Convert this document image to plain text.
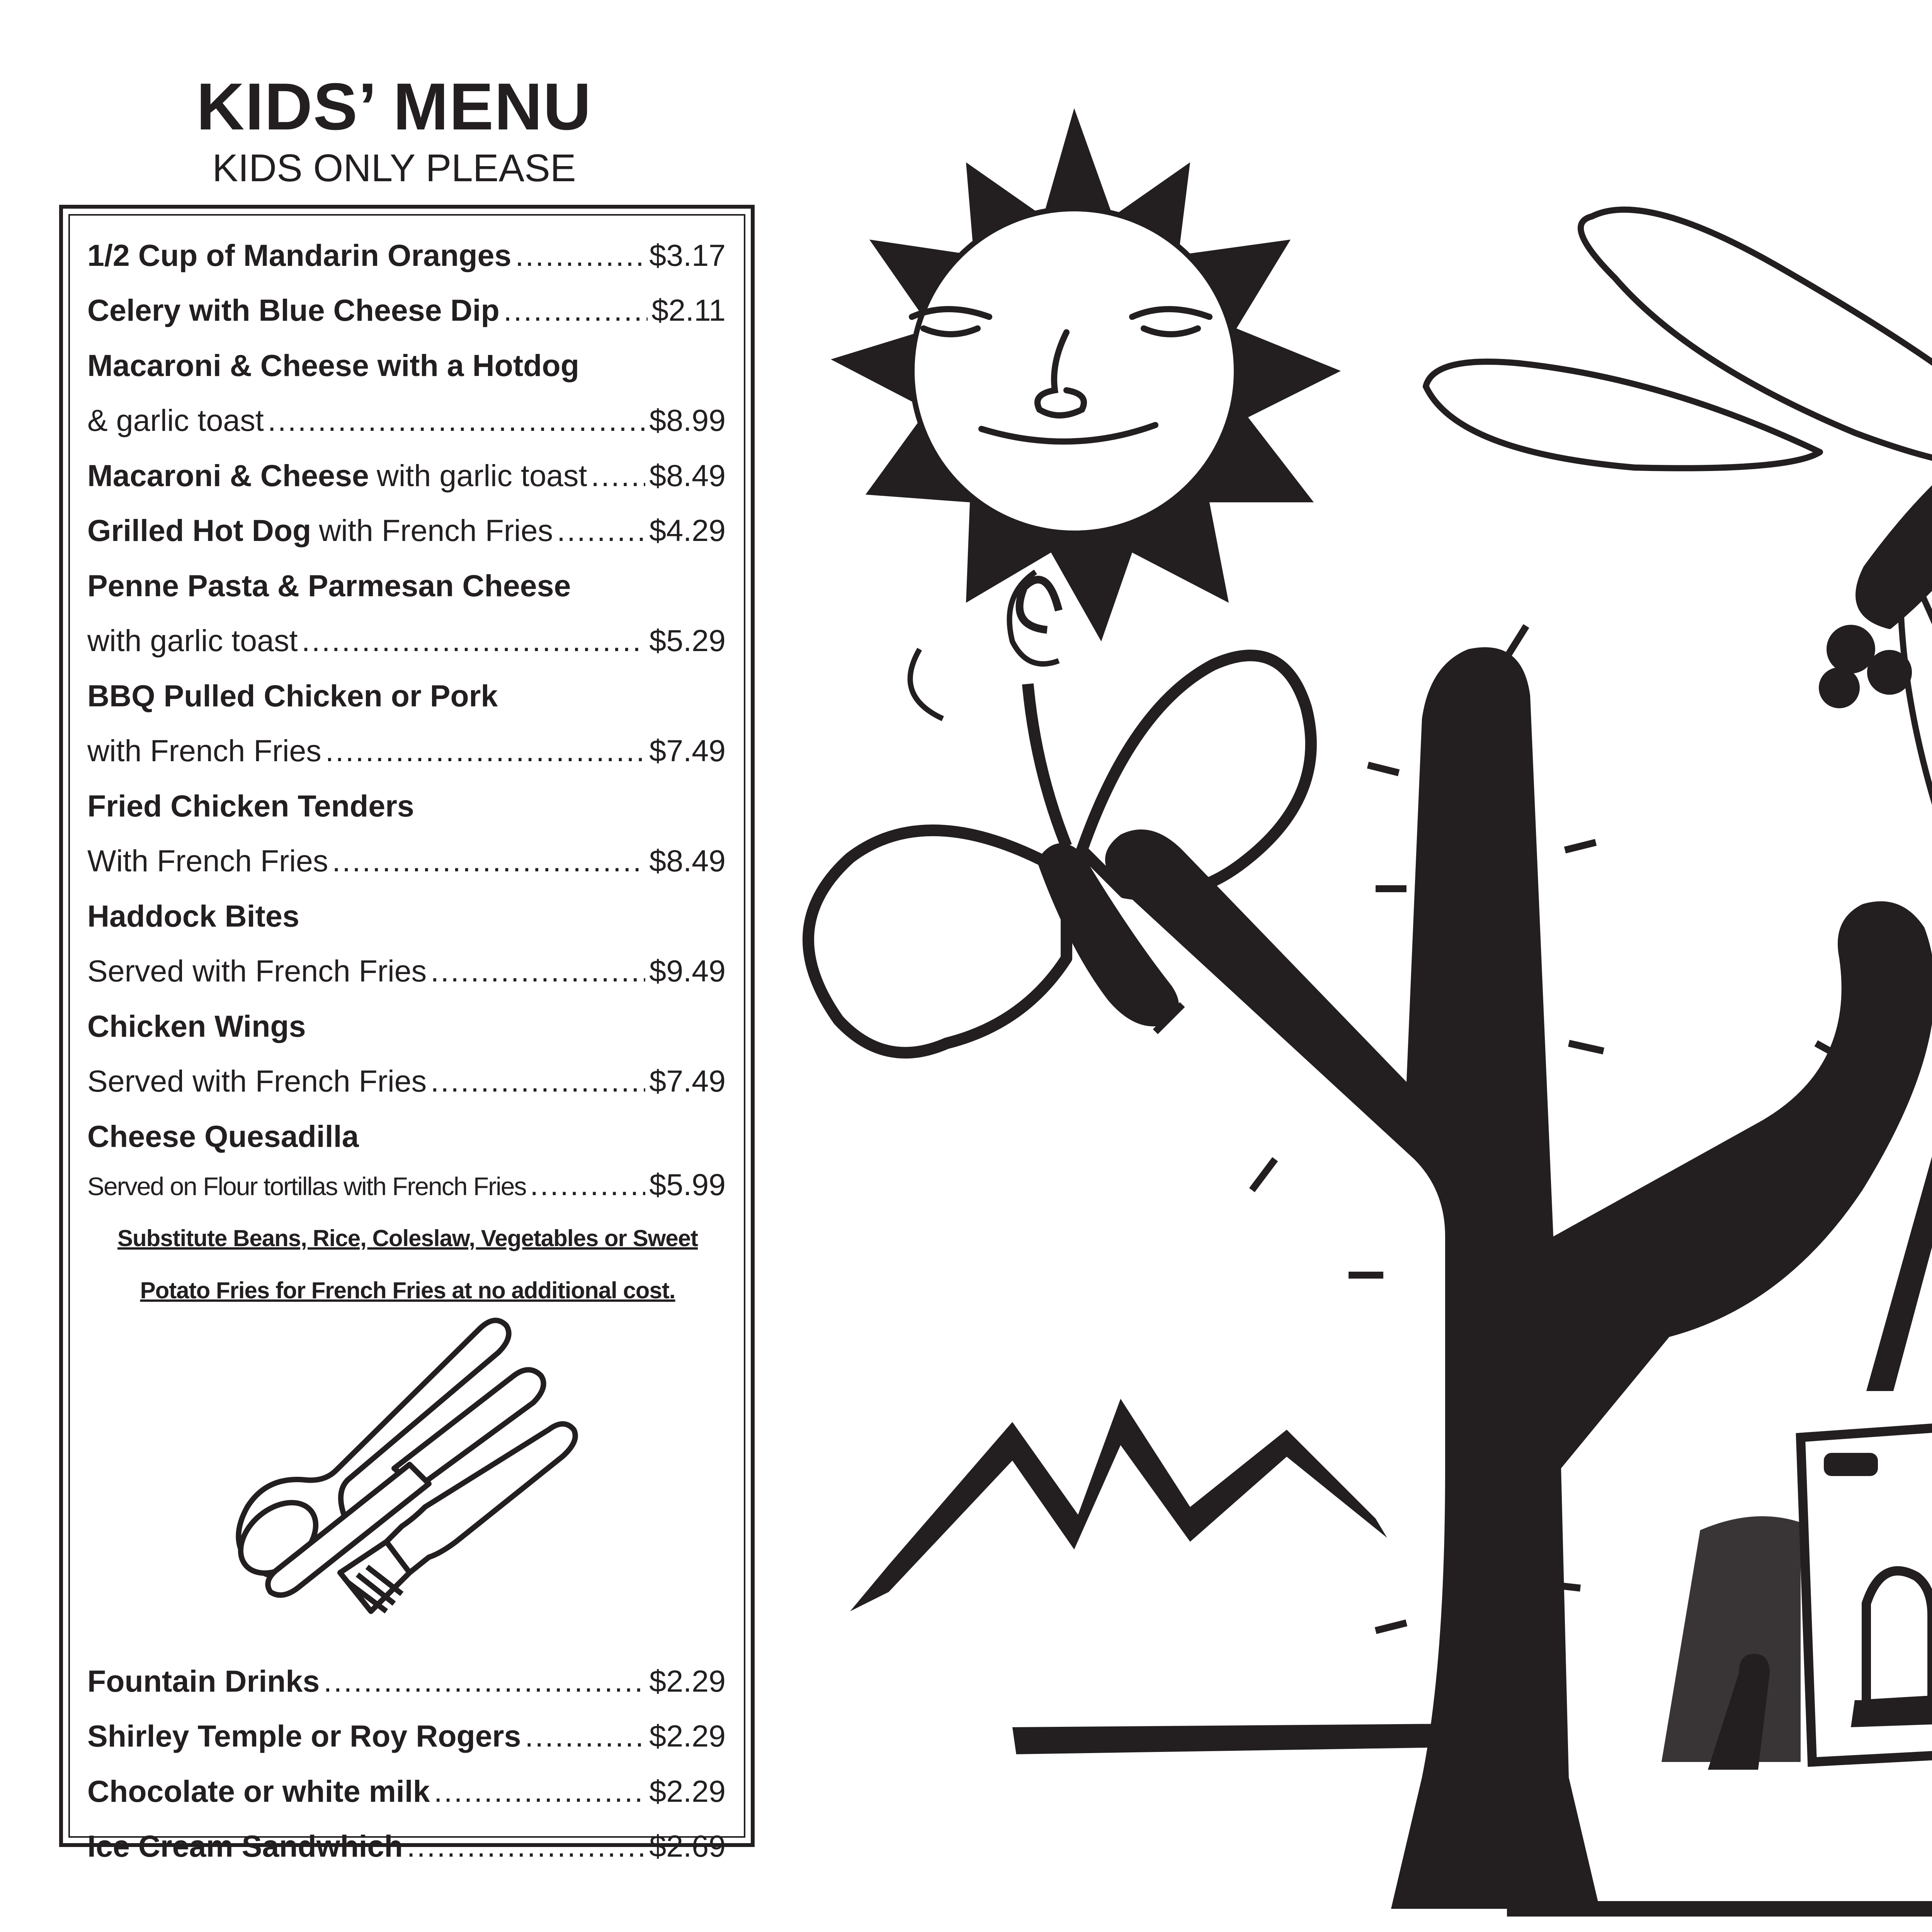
KIDS’ MENU
KIDS ONLY PLEASE
1/2 Cup of Mandarin Oranges .....	$3.17
Celery with Blue Cheese Dip .....	$2.11
Macaroni & Cheese with a Hotdog
& garlic toast .....	$8.99
Macaroni & Cheese with garlic toast ..... $8.49
Grilled Hot Dog with French Fries .....	$4.29
Penne Pasta & Parmesan Cheese
with garlic toast .....	$5.29
BBQ Pulled Chicken or Pork
with French Fries .....	$7.49
Fried Chicken Tenders
With French Fries .....	$8.49
Haddock Bites
Served with French Fries .....	$9.49
Chicken Wings
Served with French Fries .....	$7.49
Cheese Quesadilla
Served on Flour tortillas with French Fries .....	$5.99
Substitute Beans, Rice, Coleslaw, Vegetables or Sweet
Potato Fries for French Fries at no additional cost.
Fountain Drinks .....	$2.29
Shirley Temple or Roy Rogers .....	$2.29
Chocolate or white milk .....	$2.29
Ice Cream Sandwhich .....	$2.69
